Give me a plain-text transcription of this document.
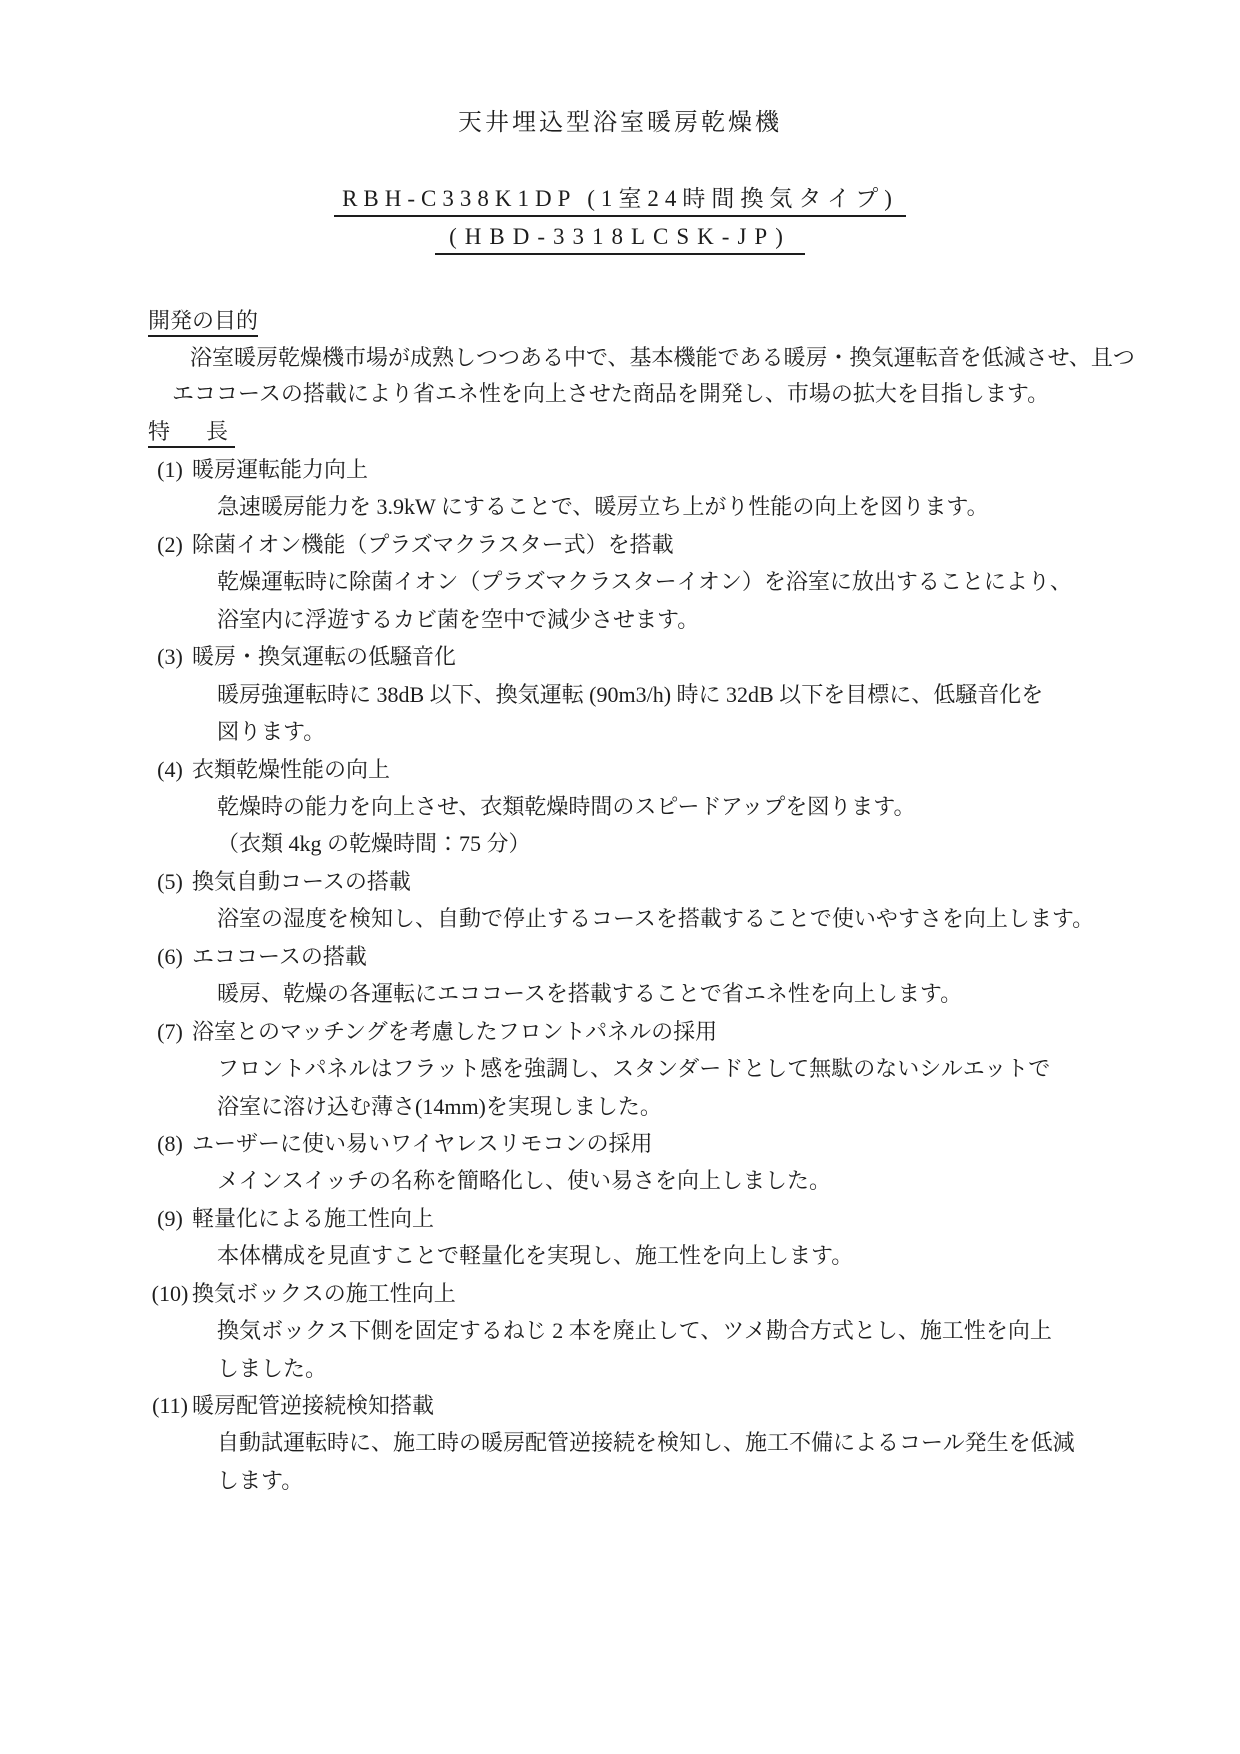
天井埋込型浴室暖房乾燥機
RBH-C338K1DP (1室24時間換気タイプ)
(HBD-3318LCSK-JP)
開発の目的
浴室暖房乾燥機市場が成熟しつつある中で、基本機能である暖房・換気運転音を低減させ、且つ
エココースの搭載により省エネ性を向上させた商品を開発し、市場の拡大を目指します。
特　長
(1) 暖房運転能力向上
急速暖房能力を 3.9kW にすることで、暖房立ち上がり性能の向上を図ります。
(2) 除菌イオン機能（プラズマクラスター式）を搭載
乾燥運転時に除菌イオン（プラズマクラスターイオン）を浴室に放出することにより、
浴室内に浮遊するカビ菌を空中で減少させます。
(3) 暖房・換気運転の低騒音化
暖房強運転時に 38dB 以下、換気運転 (90m3/h) 時に 32dB 以下を目標に、低騒音化を
図ります。
(4) 衣類乾燥性能の向上
乾燥時の能力を向上させ、衣類乾燥時間のスピードアップを図ります。
（衣類 4kg の乾燥時間：75 分）
(5) 換気自動コースの搭載
浴室の湿度を検知し、自動で停止するコースを搭載することで使いやすさを向上します。
(6) エココースの搭載
暖房、乾燥の各運転にエココースを搭載することで省エネ性を向上します。
(7) 浴室とのマッチングを考慮したフロントパネルの採用
フロントパネルはフラット感を強調し、スタンダードとして無駄のないシルエットで
浴室に溶け込む薄さ(14mm)を実現しました。
(8) ユーザーに使い易いワイヤレスリモコンの採用
メインスイッチの名称を簡略化し、使い易さを向上しました。
(9) 軽量化による施工性向上
本体構成を見直すことで軽量化を実現し、施工性を向上します。
(10) 換気ボックスの施工性向上
換気ボックス下側を固定するねじ 2 本を廃止して、ツメ勘合方式とし、施工性を向上
しました。
(11) 暖房配管逆接続検知搭載
自動試運転時に、施工時の暖房配管逆接続を検知し、施工不備によるコール発生を低減
します。
